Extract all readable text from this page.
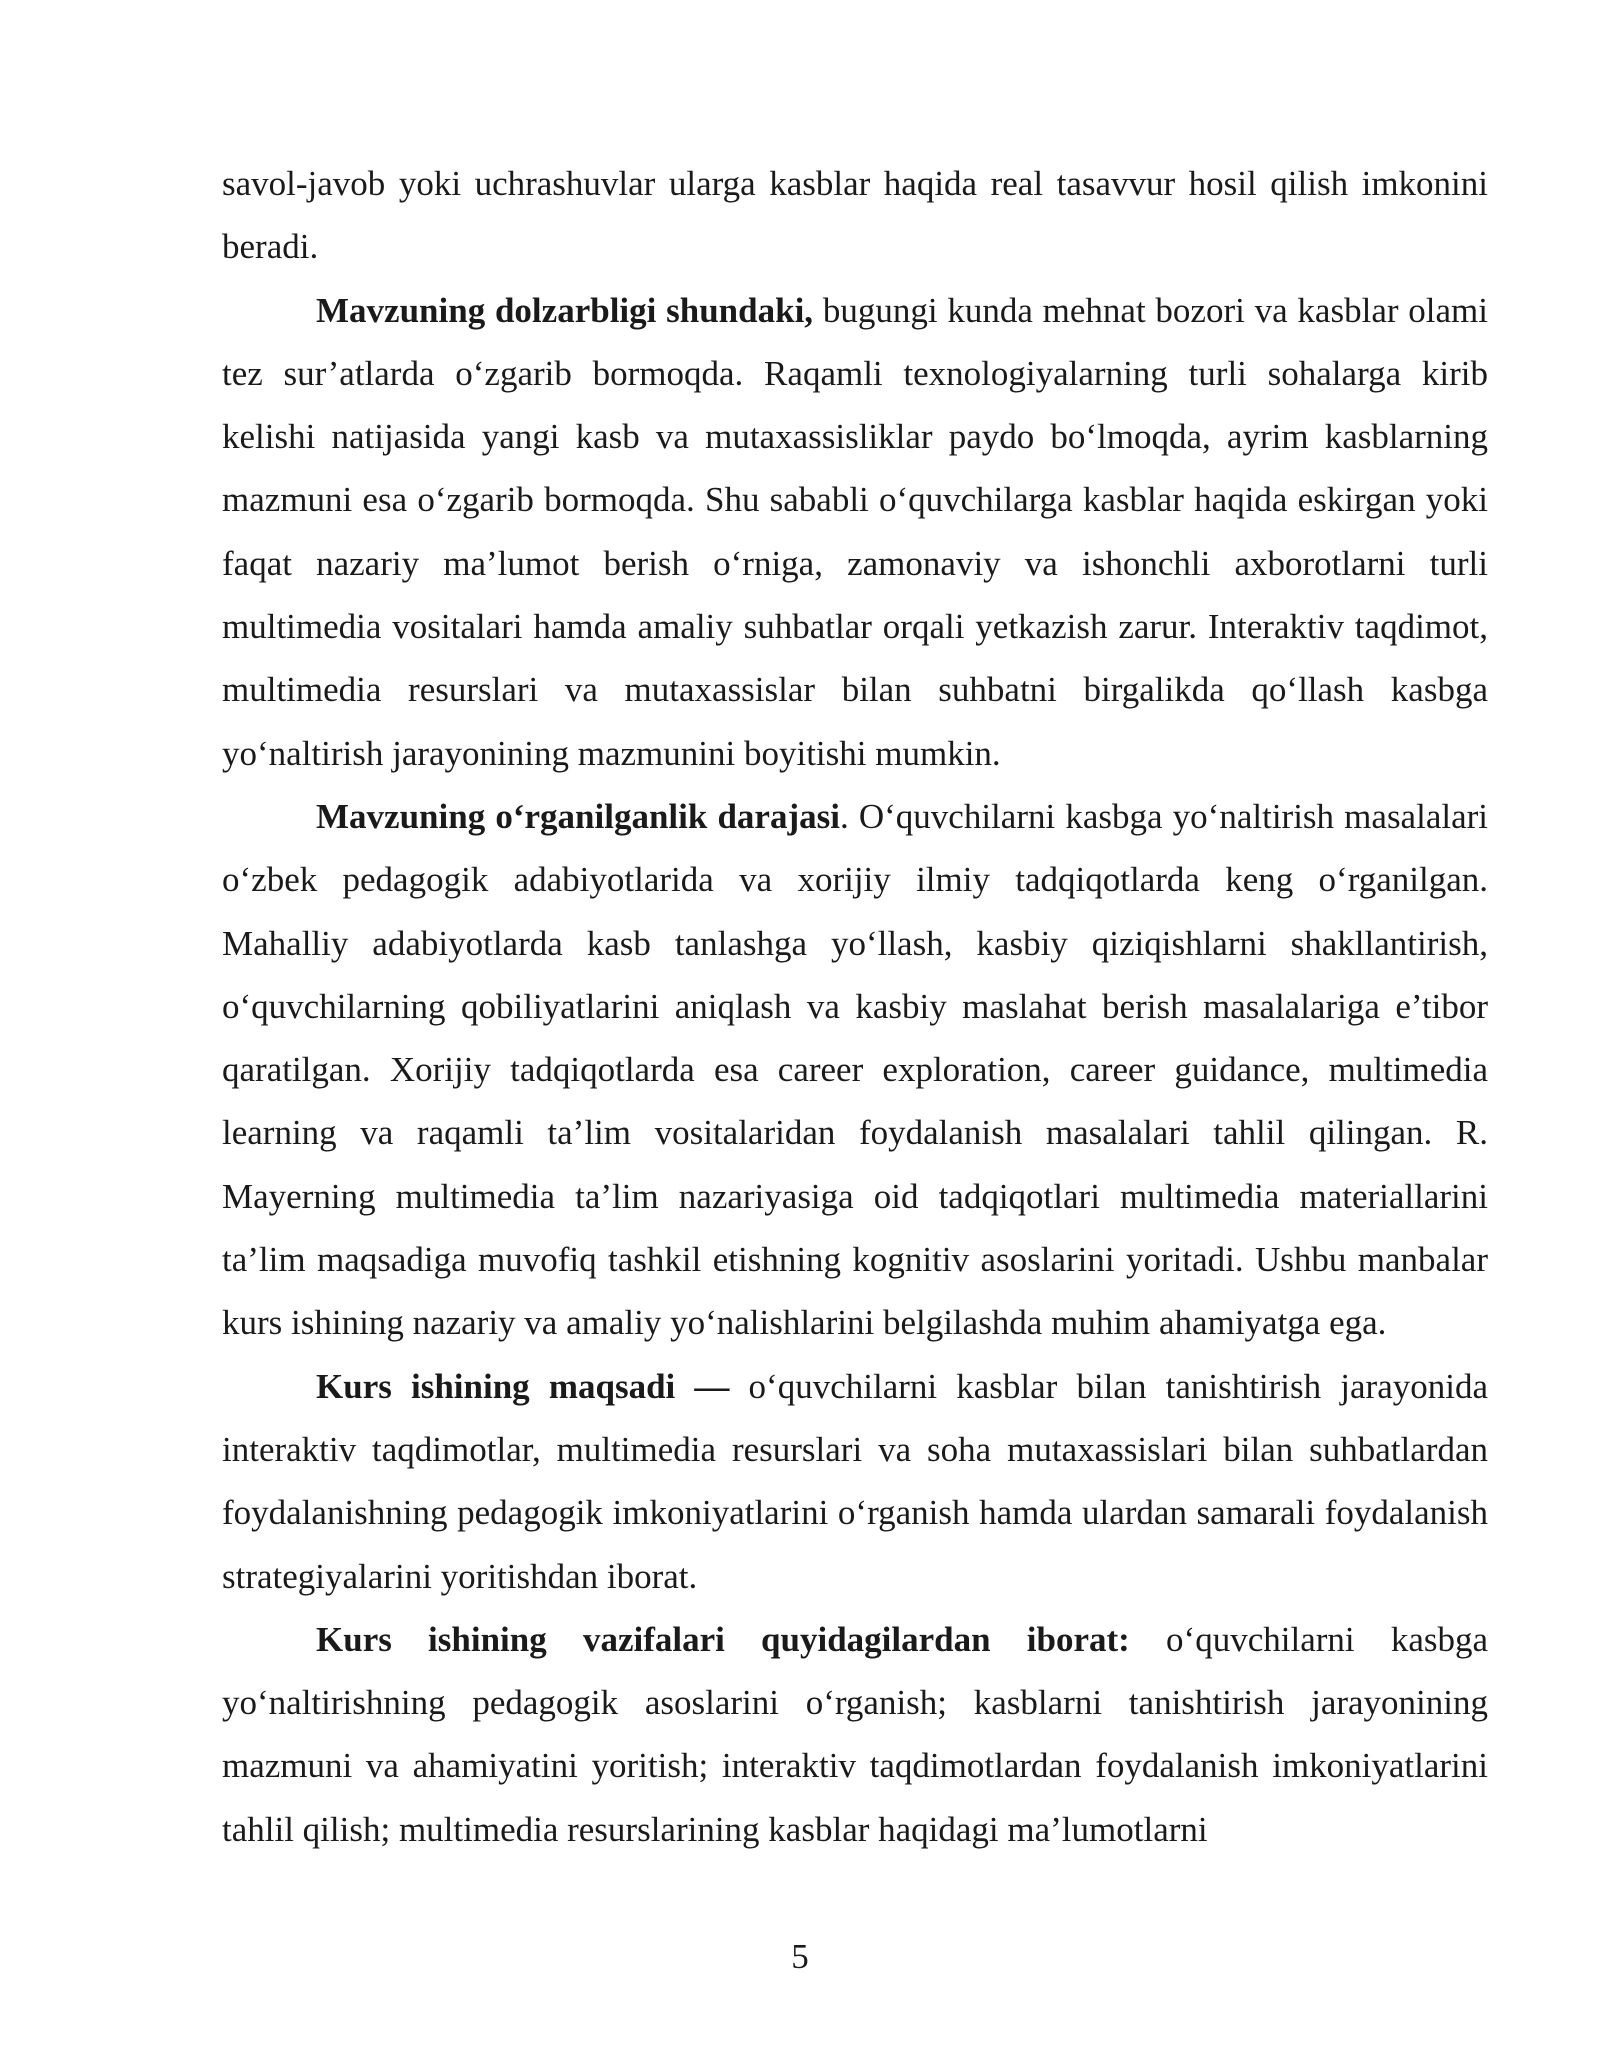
savol-javob yoki uchrashuvlar ularga kasblar haqida real tasavvur hosil qilish imkonini beradi.

Mavzuning dolzarbligi shundaki, bugungi kunda mehnat bozori va kasblar olami tez sur’atlarda oʻzgarib bormoqda. Raqamli texnologiyalarning turli sohalarga kirib kelishi natijasida yangi kasb va mutaxassisliklar paydo boʻlmoqda, ayrim kasblarning mazmuni esa oʻzgarib bormoqda. Shu sababli oʻquvchilarga kasblar haqida eskirgan yoki faqat nazariy ma’lumot berish oʻrniga, zamonaviy va ishonchli axborotlarni turli multimedia vositalari hamda amaliy suhbatlar orqali yetkazish zarur. Interaktiv taqdimot, multimedia resurslari va mutaxassislar bilan suhbatni birgalikda qoʻllash kasbga yoʻnaltirish jarayonining mazmunini boyitishi mumkin.

Mavzuning oʻrganilganlik darajasi. Oʻquvchilarni kasbga yoʻnaltirish masalalari oʻzbek pedagogik adabiyotlarida va xorijiy ilmiy tadqiqotlarda keng oʻrganilgan. Mahalliy adabiyotlarda kasb tanlashga yoʻllash, kasbiy qiziqishlarni shakllantirish, oʻquvchilarning qobiliyatlarini aniqlash va kasbiy maslahat berish masalalariga e’tibor qaratilgan. Xorijiy tadqiqotlarda esa career exploration, career guidance, multimedia learning va raqamli ta’lim vositalaridan foydalanish masalalari tahlil qilingan. R. Mayerning multimedia ta’lim nazariyasiga oid tadqiqotlari multimedia materiallarini ta’lim maqsadiga muvofiq tashkil etishning kognitiv asoslarini yoritadi. Ushbu manbalar kurs ishining nazariy va amaliy yoʻnalishlarini belgilashda muhim ahamiyatga ega.

Kurs ishining maqsadi — oʻquvchilarni kasblar bilan tanishtirish jarayonida interaktiv taqdimotlar, multimedia resurslari va soha mutaxassislari bilan suhbatlardan foydalanishning pedagogik imkoniyatlarini oʻrganish hamda ulardan samarali foydalanish strategiyalarini yoritishdan iborat.

Kurs ishining vazifalari quyidagilardan iborat: oʻquvchilarni kasbga yoʻnaltirishning pedagogik asoslarini oʻrganish; kasblarni tanishtirish jarayonining mazmuni va ahamiyatini yoritish; interaktiv taqdimotlardan foydalanish imkoniyatlarini tahlil qilish; multimedia resurslarining kasblar haqidagi ma’lumotlarni

5
